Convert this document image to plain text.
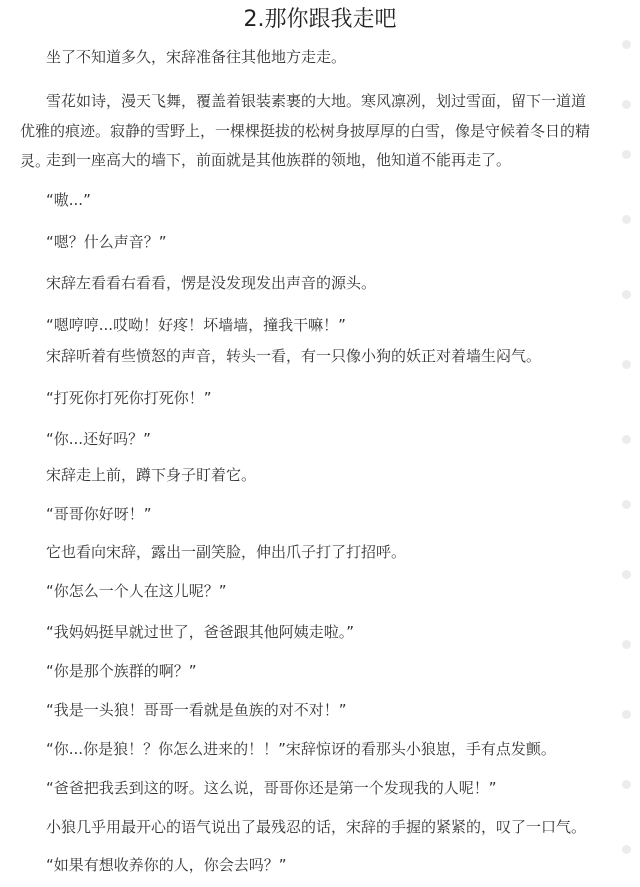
2.那你跟我走吧

坐了不知道多久，宋辞准备往其他地方走走。

雪花如诗，漫天飞舞，覆盖着银装素裹的大地。寒风凛冽，划过雪面，留下一道道优雅的痕迹。寂静的雪野上，一棵棵挺拔的松树身披厚厚的白雪，像是守候着冬日的精灵。

走到一座高大的墙下，前面就是其他族群的领地，他知道不能再走了。

“嗷...”

“嗯？什么声音？”

宋辞左看看右看看，愣是没发现发出声音的源头。

“嗯哼哼...哎呦！好疼！坏墙墙，撞我干嘛！”

宋辞听着有些愤怒的声音，转头一看，有一只像小狗的妖正对着墙生闷气。

“打死你打死你打死你！”

“你...还好吗？”

宋辞走上前，蹲下身子盯着它。

“哥哥你好呀！”

它也看向宋辞，露出一副笑脸，伸出爪子打了打招呼。

“你怎么一个人在这儿呢？”

“我妈妈挺早就过世了，爸爸跟其他阿姨走啦。”

“你是那个族群的啊？”

“我是一头狼！哥哥一看就是鱼族的对不对！”

“你...你是狼！？你怎么进来的！！”宋辞惊讶的看那头小狼崽，手有点发颤。

“爸爸把我丢到这的呀。这么说，哥哥你还是第一个发现我的人呢！”

小狼几乎用最开心的语气说出了最残忍的话，宋辞的手握的紧紧的，叹了一口气。

“如果有想收养你的人，你会去吗？”
